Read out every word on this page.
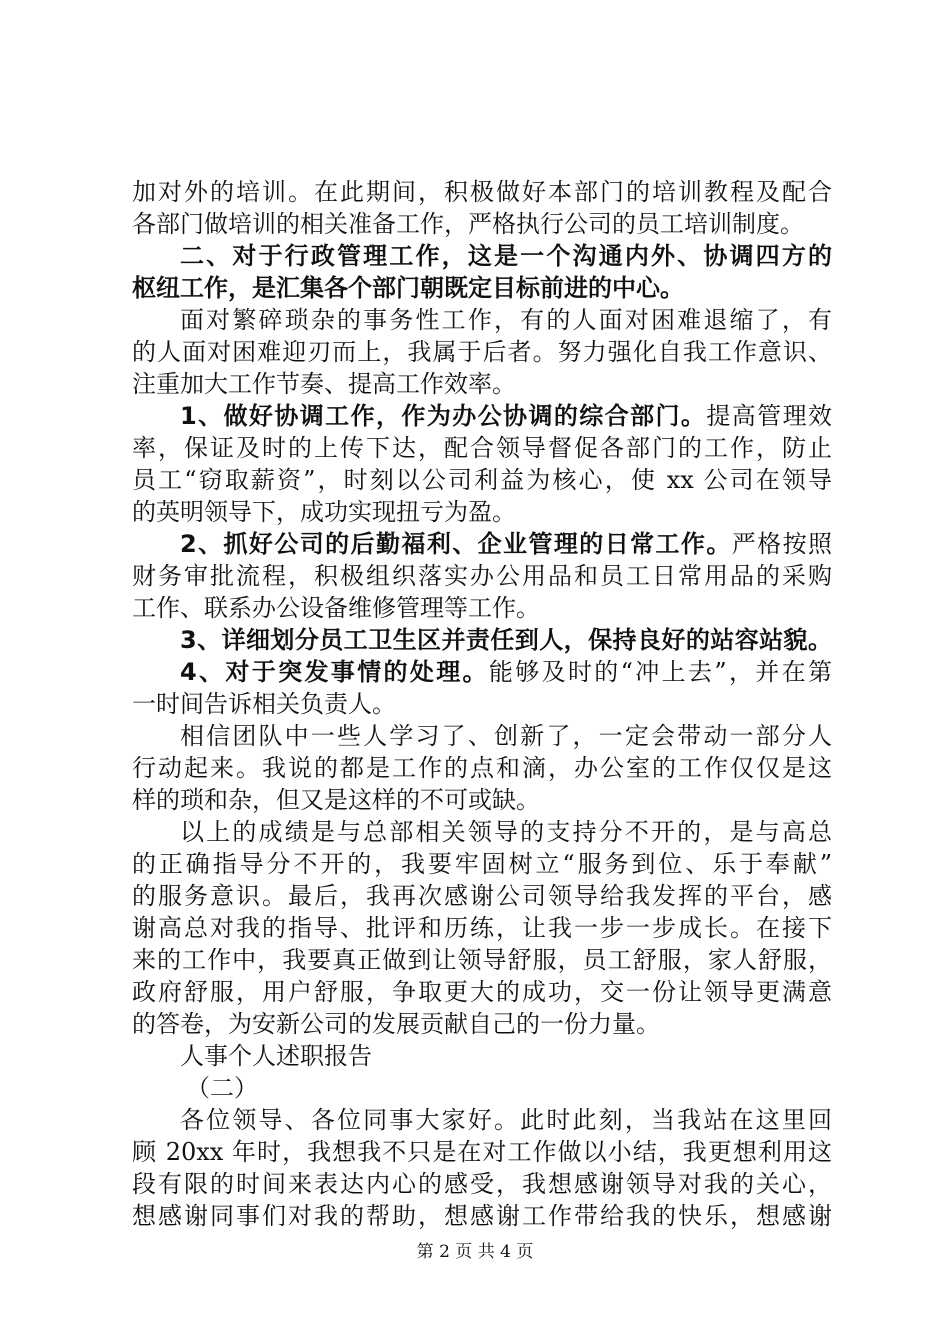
加对外的培训。在此期间，积极做好本部门的培训教程及配合
各部门做培训的相关准备工作，严格执行公司的员工培训制度。
二、对于行政管理工作，这是一个沟通内外、协调四方的
枢纽工作，是汇集各个部门朝既定目标前进的中心。
面对繁碎琐杂的事务性工作，有的人面对困难退缩了，有
的人面对困难迎刃而上，我属于后者。努力强化自我工作意识、
注重加大工作节奏、提高工作效率。
1、做好协调工作，作为办公协调的综合部门。提高管理效
率，保证及时的上传下达，配合领导督促各部门的工作，防止
员工“窃取薪资”，时刻以公司利益为核心，使 xx 公司在领导
的英明领导下，成功实现扭亏为盈。
2、抓好公司的后勤福利、企业管理的日常工作。严格按照
财务审批流程，积极组织落实办公用品和员工日常用品的采购
工作、联系办公设备维修管理等工作。
3、详细划分员工卫生区并责任到人，保持良好的站容站貌。
4、对于突发事情的处理。能够及时的“冲上去”，并在第
一时间告诉相关负责人。
相信团队中一些人学习了、创新了，一定会带动一部分人
行动起来。我说的都是工作的点和滴，办公室的工作仅仅是这
样的琐和杂，但又是这样的不可或缺。
以上的成绩是与总部相关领导的支持分不开的，是与高总
的正确指导分不开的，我要牢固树立“服务到位、乐于奉献”
的服务意识。最后，我再次感谢公司领导给我发挥的平台，感
谢高总对我的指导、批评和历练，让我一步一步成长。在接下
来的工作中，我要真正做到让领导舒服，员工舒服，家人舒服，
政府舒服，用户舒服，争取更大的成功，交一份让领导更满意
的答卷，为安新公司的发展贡献自己的一份力量。
人事个人述职报告
（二）
各位领导、各位同事大家好。此时此刻，当我站在这里回
顾 20xx 年时，我想我不只是在对工作做以小结，我更想利用这
段有限的时间来表达内心的感受，我想感谢领导对我的关心，
想感谢同事们对我的帮助，想感谢工作带给我的快乐，想感谢
第 2 页 共 4 页
